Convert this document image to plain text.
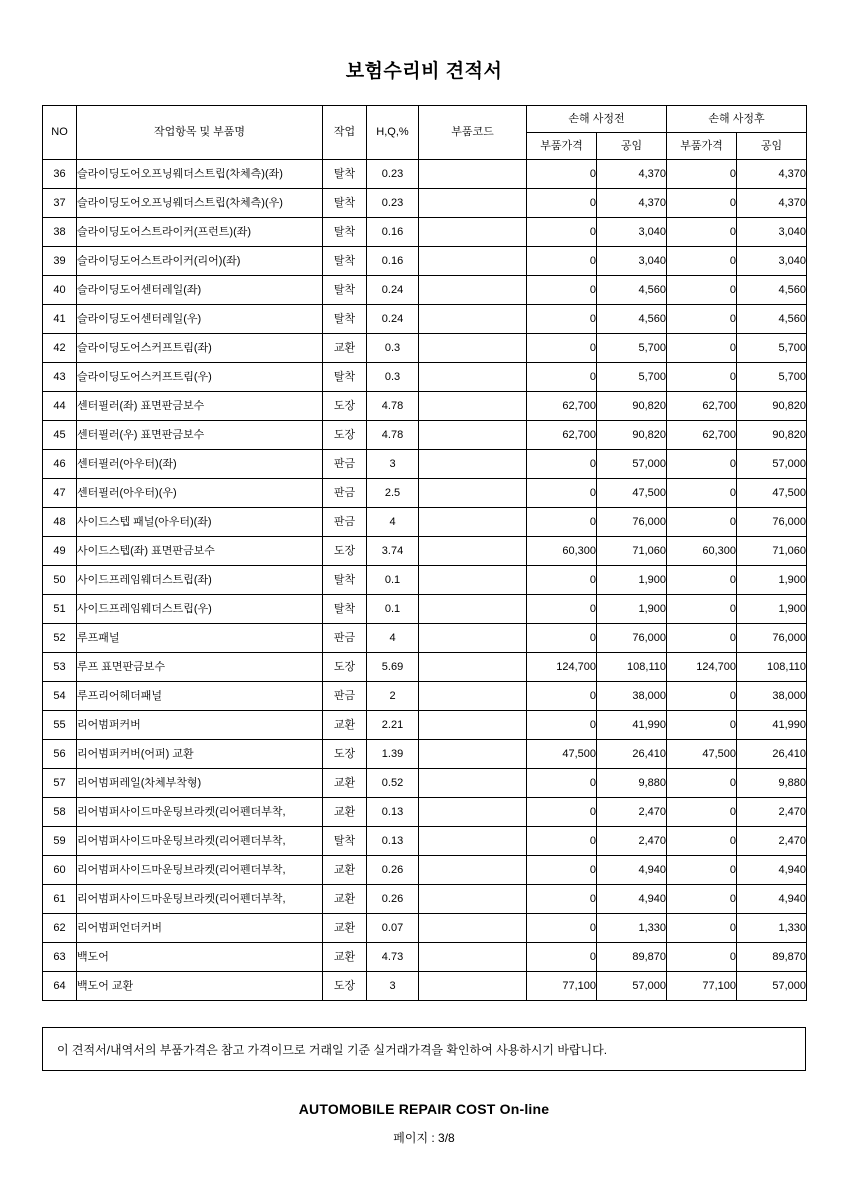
보험수리비 견적서
NO	작업항목 및 부품명	작업	H,Q,%	부품코드	손해 사정전		손해 사정후	
					부품가격	공임	부품가격	공임
36	슬라이딩도어오프닝웨더스트립(차체측)(좌)	탈착	0.23		0	4,370	0	4,370
37	슬라이딩도어오프닝웨더스트립(차체측)(우)	탈착	0.23		0	4,370	0	4,370
38	슬라이딩도어스트라이커(프런트)(좌)	탈착	0.16		0	3,040	0	3,040
39	슬라이딩도어스트라이커(리어)(좌)	탈착	0.16		0	3,040	0	3,040
40	슬라이딩도어센터레일(좌)	탈착	0.24		0	4,560	0	4,560
41	슬라이딩도어센터레일(우)	탈착	0.24		0	4,560	0	4,560
42	슬라이딩도어스커프트림(좌)	교환	0.3		0	5,700	0	5,700
43	슬라이딩도어스커프트림(우)	탈착	0.3		0	5,700	0	5,700
44	센터필러(좌) 표면판금보수	도장	4.78		62,700	90,820	62,700	90,820
45	센터필러(우) 표면판금보수	도장	4.78		62,700	90,820	62,700	90,820
46	센터필러(아우터)(좌)	판금	3		0	57,000	0	57,000
47	센터필러(아우터)(우)	판금	2.5		0	47,500	0	47,500
48	사이드스텝 패널(아우터)(좌)	판금	4		0	76,000	0	76,000
49	사이드스텝(좌) 표면판금보수	도장	3.74		60,300	71,060	60,300	71,060
50	사이드프레임웨더스트립(좌)	탈착	0.1		0	1,900	0	1,900
51	사이드프레임웨더스트립(우)	탈착	0.1		0	1,900	0	1,900
52	루프패널	판금	4		0	76,000	0	76,000
53	루프 표면판금보수	도장	5.69		124,700	108,110	124,700	108,110
54	루프리어헤더패널	판금	2		0	38,000	0	38,000
55	리어범퍼커버	교환	2.21		0	41,990	0	41,990
56	리어범퍼커버(어퍼) 교환	도장	1.39		47,500	26,410	47,500	26,410
57	리어범퍼레일(차체부착형)	교환	0.52		0	9,880	0	9,880
58	리어범퍼사이드마운팅브라켓(리어펜더부착,	교환	0.13		0	2,470	0	2,470
59	리어범퍼사이드마운팅브라켓(리어펜더부착,	탈착	0.13		0	2,470	0	2,470
60	리어범퍼사이드마운팅브라켓(리어펜더부착,	교환	0.26		0	4,940	0	4,940
61	리어범퍼사이드마운팅브라켓(리어펜더부착,	교환	0.26		0	4,940	0	4,940
62	리어범퍼언더커버	교환	0.07		0	1,330	0	1,330
63	백도어	교환	4.73		0	89,870	0	89,870
64	백도어 교환	도장	3		77,100	57,000	77,100	57,000
이 견적서/내역서의 부품가격은 참고 가격이므로 거래일 기준 실거래가격을 확인하여 사용하시기 바랍니다.
AUTOMOBILE REPAIR COST On-line
페이지 : 3/8
